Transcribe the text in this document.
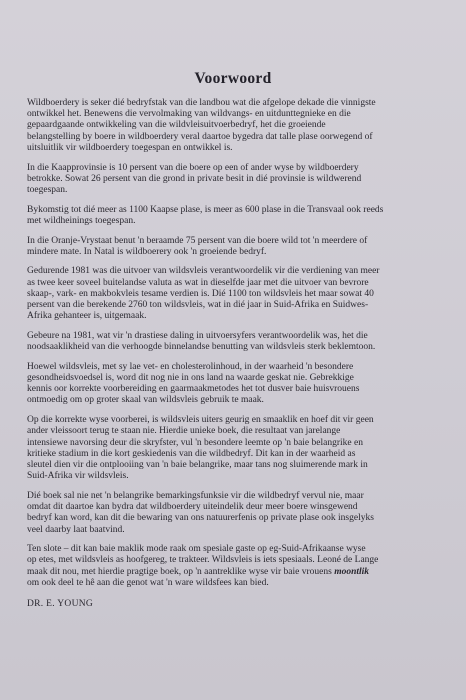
Voorwoord

Wildboerdery is seker dié bedryfstak van die landbou wat die afgelope dekade die vinnigste
ontwikkel het. Benewens die vervolmaking van wildvangs- en uitdunttegnieke en die
gepaardgaande ontwikkeling van die wildvleisuitvoerbedryf, het die groeiende
belangstelling by boere in wildboerdery veral daartoe bygedra dat talle plase oorwegend of
uitsluitlik vir wildboerdery toegespan en ontwikkel is.

In die Kaapprovinsie is 10 persent van die boere op een of ander wyse by wildboerdery
betrokke. Sowat 26 persent van die grond in private besit in dié provinsie is wildwerend
toegespan.

Bykomstig tot dié meer as 1100 Kaapse plase, is meer as 600 plase in die Transvaal ook reeds
met wildheinings toegespan.

In die Oranje-Vrystaat benut 'n beraamde 75 persent van die boere wild tot 'n meerdere of
mindere mate. In Natal is wildboerery ook 'n groeiende bedryf.

Gedurende 1981 was die uitvoer van wildsvleis verantwoordelik vir die verdiening van meer
as twee keer soveel buitelandse valuta as wat in dieselfde jaar met die uitvoer van bevrore
skaap-, vark- en makbokvleis tesame verdien is. Dié 1100 ton wildsvleis het maar sowat 40
persent van die berekende 2760 ton wildsvleis, wat in dié jaar in Suid-Afrika en Suidwes-
Afrika gehanteer is, uitgemaak.

Gebeure na 1981, wat vir 'n drastiese daling in uitvoersyfers verantwoordelik was, het die
noodsaaklikheid van die verhoogde binnelandse benutting van wildsvleis sterk beklemtoon.

Hoewel wildsvleis, met sy lae vet- en cholesterolinhoud, in der waarheid 'n besondere
gesondheidsvoedsel is, word dit nog nie in ons land na waarde geskat nie. Gebrekkige
kennis oor korrekte voorbereiding en gaarmaakmetodes het tot dusver baie huisvrouens
ontmoedig om op groter skaal van wildsvleis gebruik te maak.

Op die korrekte wyse voorberei, is wildsvleis uiters geurig en smaaklik en hoef dit vir geen
ander vleissoort terug te staan nie. Hierdie unieke boek, die resultaat van jarelange
intensiewe navorsing deur die skryfster, vul 'n besondere leemte op 'n baie belangrike en
kritieke stadium in die kort geskiedenis van die wildbedryf. Dit kan in der waarheid as
sleutel dien vir die ontplooiing van 'n baie belangrike, maar tans nog sluimerende mark in
Suid-Afrika vir wildsvleis.

Dié boek sal nie net 'n belangrike bemarkingsfunksie vir die wildbedryf vervul nie, maar
omdat dit daartoe kan bydra dat wildboerdery uiteindelik deur meer boere winsgewend
bedryf kan word, kan dit die bewaring van ons natuurerfenis op private plase ook insgelyks
veel daarby laat baatvind.

Ten slote – dit kan baie maklik mode raak om spesiale gaste op eg-Suid-Afrikaanse wyse
op etes, met wildsvleis as hoofgereg, te trakteer. Wildsvleis is iets spesiaals. Leoné de Lange
maak dit nou, met hierdie pragtige boek, op 'n aantreklike wyse vir baie vrouens moontlik
om ook deel te hê aan die genot wat 'n ware wildsfees kan bied.

DR. E. YOUNG
